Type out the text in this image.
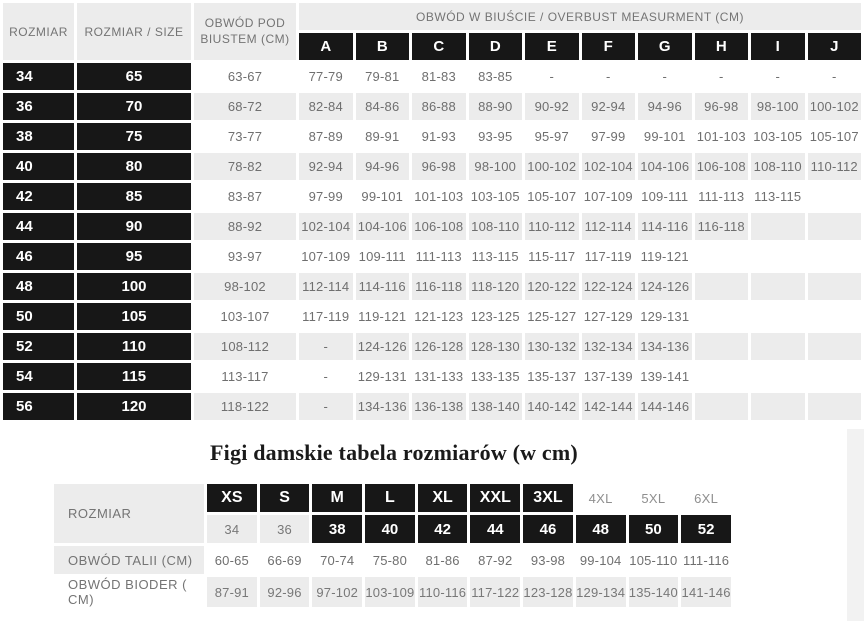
ROZMIAR	ROZMIAR / SIZE	OBWÓD POD BIUSTEM (CM)	OBWÓD W BIUŚCIE / OVERBUST MEASURMENT (CM)									
			A	B	C	D	E	F	G	H	I	J
34	65	63-67	77-79	79-81	81-83	83-85	-	-	-	-	-	-
36	70	68-72	82-84	84-86	86-88	88-90	90-92	92-94	94-96	96-98	98-100	100-102
38	75	73-77	87-89	89-91	91-93	93-95	95-97	97-99	99-101	101-103	103-105	105-107
40	80	78-82	92-94	94-96	96-98	98-100	100-102	102-104	104-106	106-108	108-110	110-112
42	85	83-87	97-99	99-101	101-103	103-105	105-107	107-109	109-111	111-113	113-115	
44	90	88-92	102-104	104-106	106-108	108-110	110-112	112-114	114-116	116-118		
46	95	93-97	107-109	109-111	111-113	113-115	115-117	117-119	119-121			
48	100	98-102	112-114	114-116	116-118	118-120	120-122	122-124	124-126			
50	105	103-107	117-119	119-121	121-123	123-125	125-127	127-129	129-131			
52	110	108-112	-	124-126	126-128	128-130	130-132	132-134	134-136			
54	115	113-117	-	129-131	131-133	133-135	135-137	137-139	139-141			
56	120	118-122	-	134-136	136-138	138-140	140-142	142-144	144-146			
Figi damskie tabela rozmiarów (w cm)
ROZMIAR	XS	S	M	L	XL	XXL	3XL	4XL	5XL	6XL
	34	36	38	40	42	44	46	48	50	52
OBWÓD TALII (CM)	60-65	66-69	70-74	75-80	81-86	87-92	93-98	99-104	105-110	111-116
OBWÓD BIODER ( CM)	87-91	92-96	97-102	103-109	110-116	117-122	123-128	129-134	135-140	141-146
